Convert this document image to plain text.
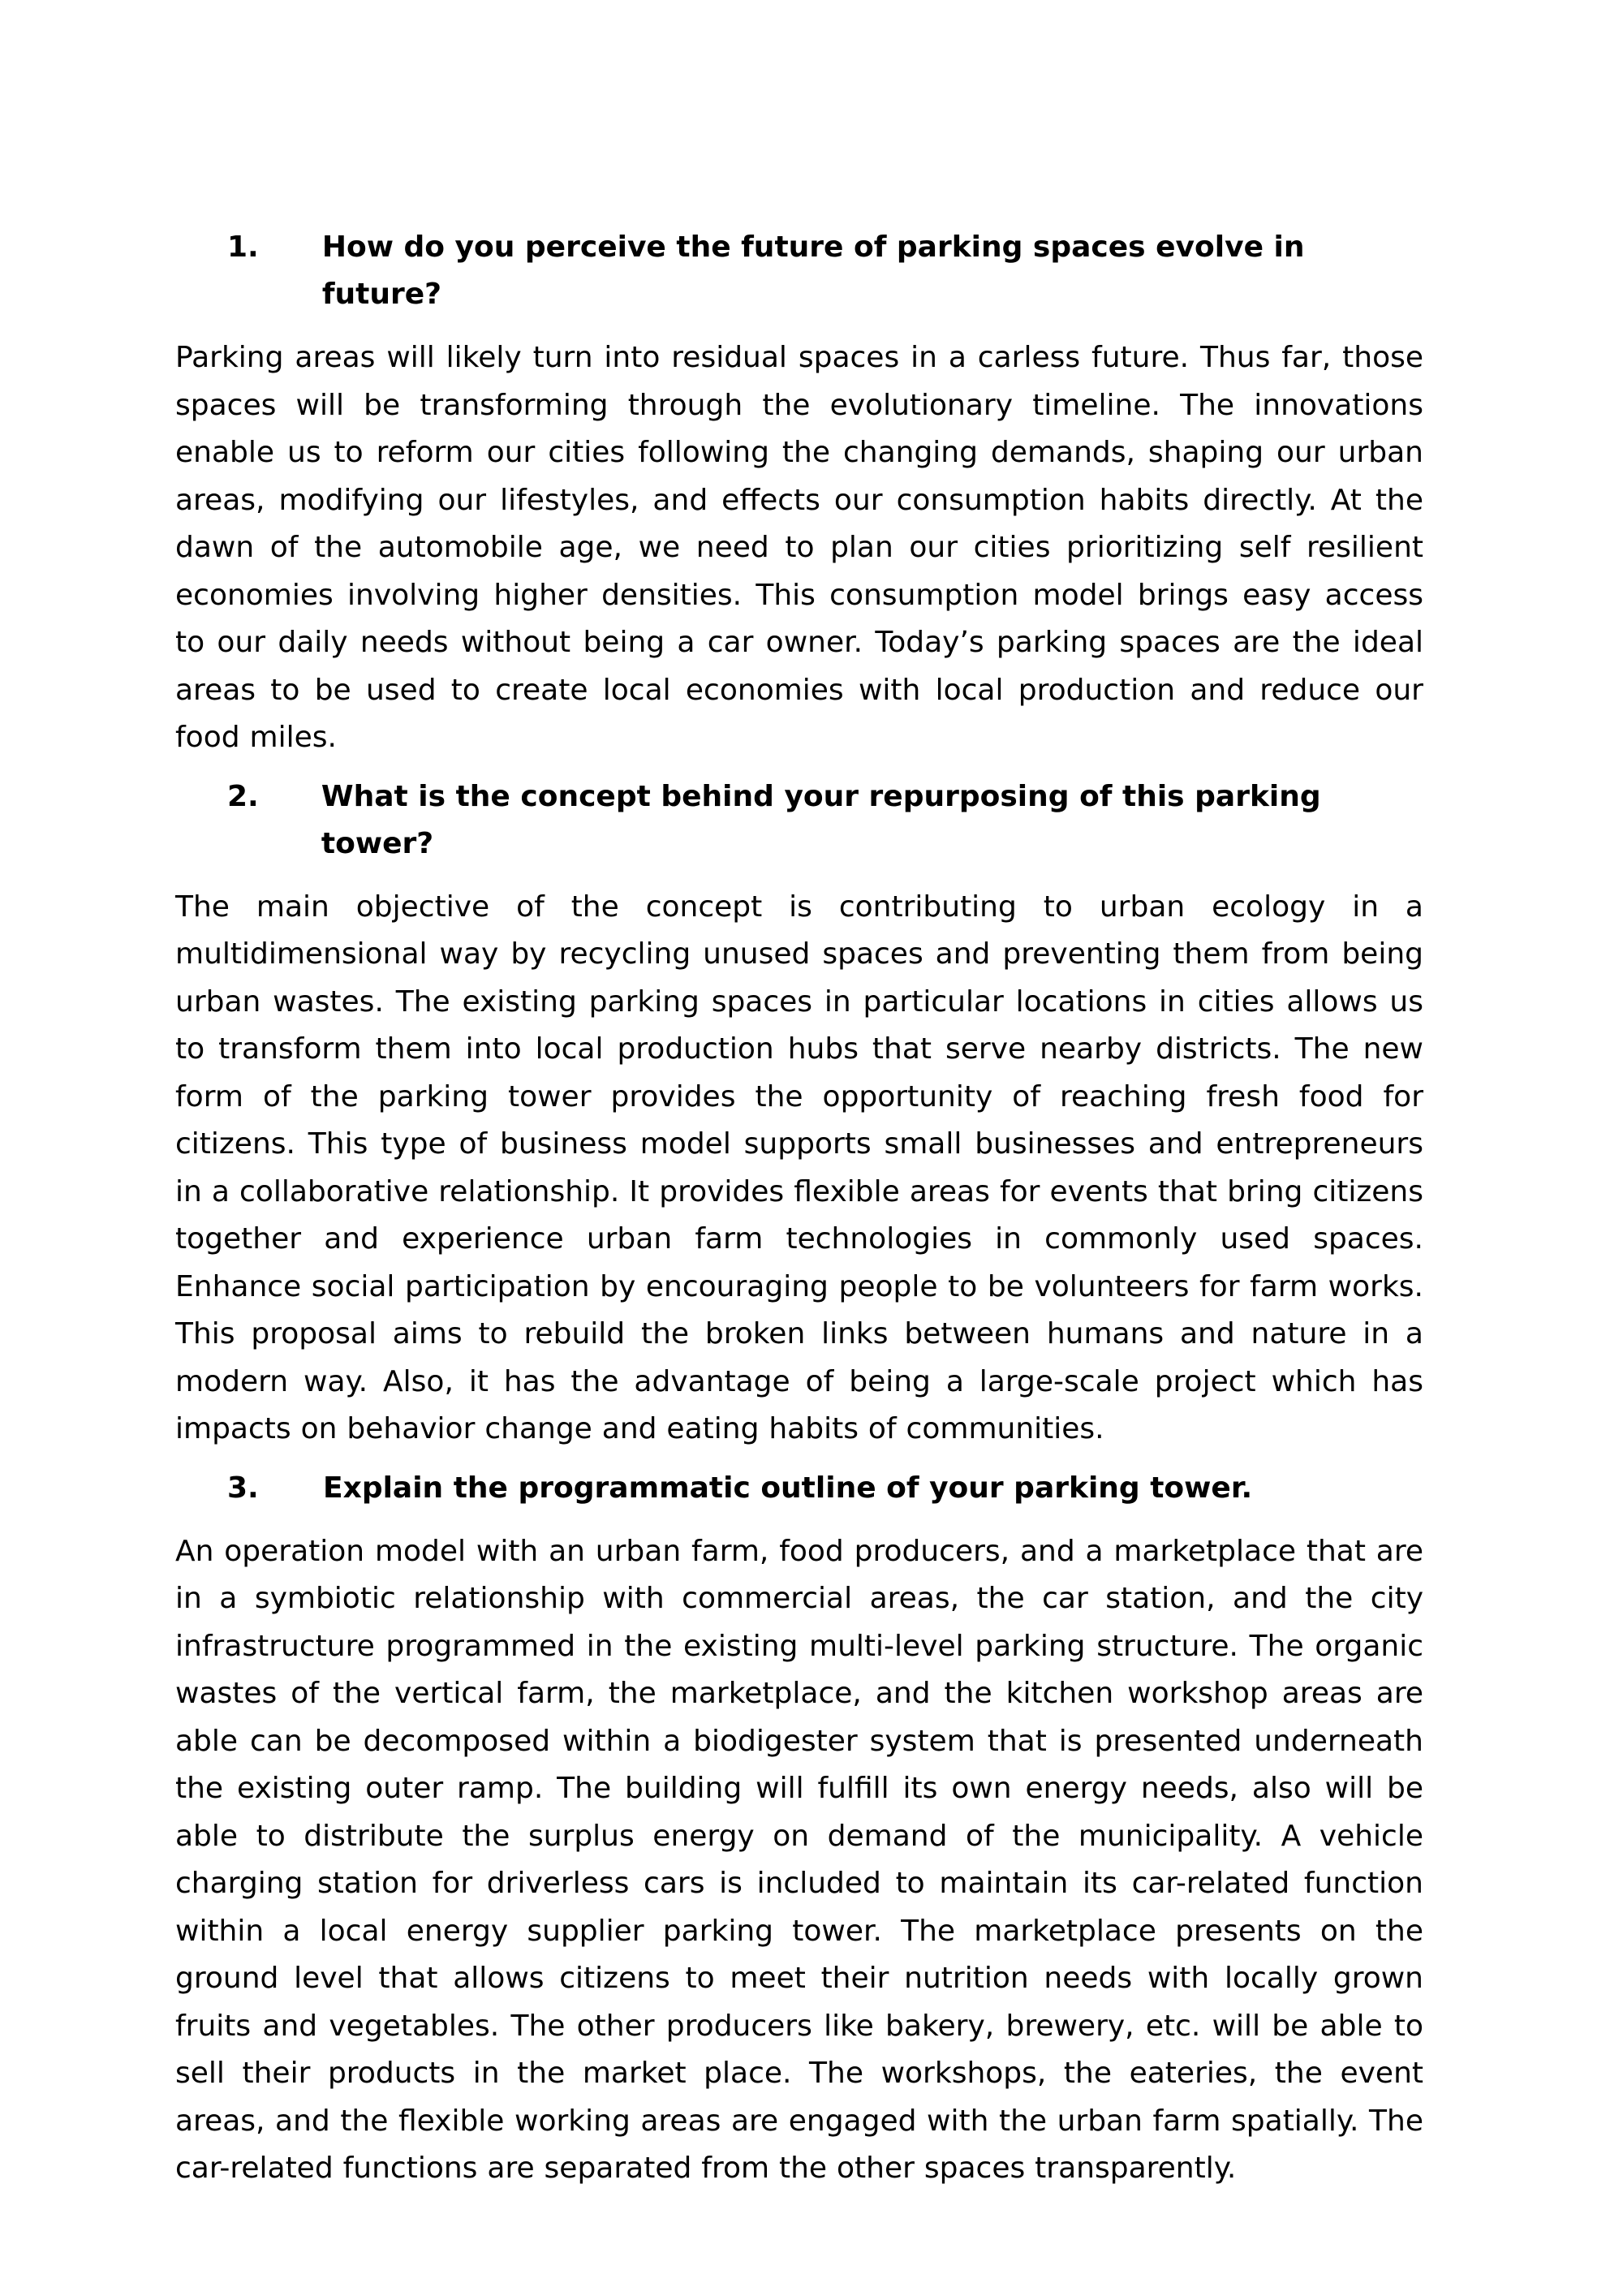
1.	How do you perceive the future of parking spaces evolve in future?

Parking areas will likely turn into residual spaces in a carless future. Thus far, those spaces will be transforming through the evolutionary timeline. The innovations enable us to reform our cities following the changing demands, shaping our urban areas, modifying our lifestyles, and effects our consumption habits directly. At the dawn of the automobile age, we need to plan our cities prioritizing self resilient economies involving higher densities. This consumption model brings easy access to our daily needs without being a car owner. Today’s parking spaces are the ideal areas to be used to create local economies with local production and reduce our food miles.

2.	What is the concept behind your repurposing of this parking tower?

The main objective of the concept is contributing to urban ecology in a multidimensional way by recycling unused spaces and preventing them from being urban wastes. The existing parking spaces in particular locations in cities allows us to transform them into local production hubs that serve nearby districts. The new form of the parking tower provides the opportunity of reaching fresh food for citizens. This type of business model supports small businesses and entrepreneurs in a collaborative relationship. It provides flexible areas for events that bring citizens together and experience urban farm technologies in commonly used spaces. Enhance social participation by encouraging people to be volunteers for farm works. This proposal aims to rebuild the broken links between humans and nature in a modern way. Also, it has the advantage of being a large-scale project which has impacts on behavior change and eating habits of communities.

3.	Explain the programmatic outline of your parking tower.

An operation model with an urban farm, food producers, and a marketplace that are in a symbiotic relationship with commercial areas, the car station, and the city infrastructure programmed in the existing multi-level parking structure. The organic wastes of the vertical farm, the marketplace, and the kitchen workshop areas are able can be decomposed within a biodigester system that is presented underneath the existing outer ramp. The building will fulfill its own energy needs, also will be able to distribute the surplus energy on demand of the municipality. A vehicle charging station for driverless cars is included to maintain its car-related function within a local energy supplier parking tower. The marketplace presents on the ground level that allows citizens to meet their nutrition needs with locally grown fruits and vegetables. The other producers like bakery, brewery, etc. will be able to sell their products in the market place. The workshops, the eateries, the event areas, and the flexible working areas are engaged with the urban farm spatially. The car-related functions are separated from the other spaces transparently.
